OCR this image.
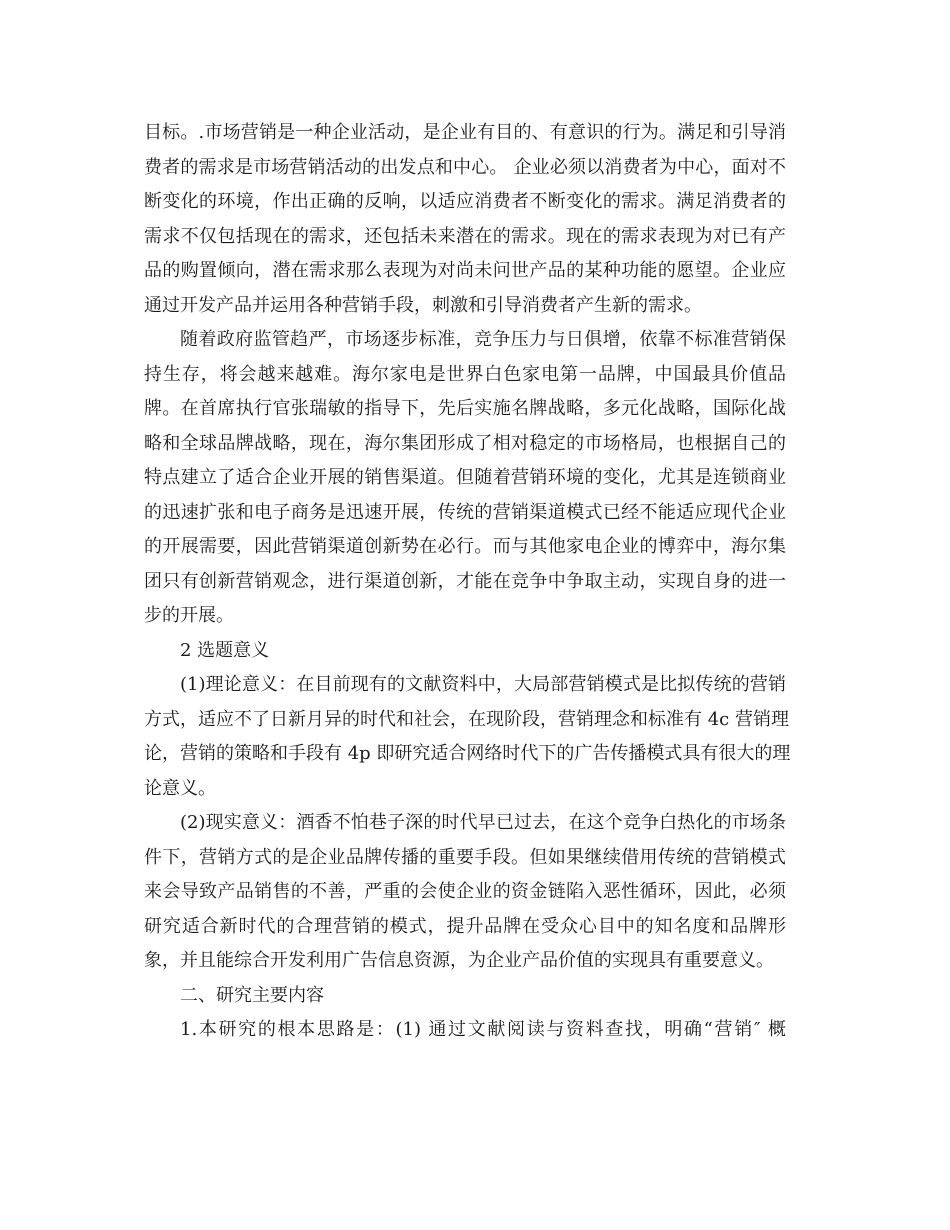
目标。.市场营销是一种企业活动，是企业有目的、有意识的行为。满足和引导消
费者的需求是市场营销活动的出发点和中心。 企业必须以消费者为中心，面对不
断变化的环境，作出正确的反响，以适应消费者不断变化的需求。满足消费者的
需求不仅包括现在的需求，还包括未来潜在的需求。现在的需求表现为对已有产
品的购置倾向，潜在需求那么表现为对尚未问世产品的某种功能的愿望。企业应
通过开发产品并运用各种营销手段，刺激和引导消费者产生新的需求。
随着政府监管趋严，市场逐步标准，竞争压力与日俱增，依靠不标准营销保
持生存，将会越来越难。海尔家电是世界白色家电第一品牌，中国最具价值品
牌。在首席执行官张瑞敏的指导下，先后实施名牌战略，多元化战略，国际化战
略和全球品牌战略，现在，海尔集团形成了相对稳定的市场格局，也根据自己的
特点建立了适合企业开展的销售渠道。但随着营销环境的变化，尤其是连锁商业
的迅速扩张和电子商务是迅速开展，传统的营销渠道模式已经不能适应现代企业
的开展需要，因此营销渠道创新势在必行。而与其他家电企业的博弈中，海尔集
团只有创新营销观念，进行渠道创新，才能在竞争中争取主动，实现自身的进一
步的开展。
2 选题意义
(1)理论意义：在目前现有的文献资料中，大局部营销模式是比拟传统的营销
方式，适应不了日新月异的时代和社会，在现阶段，营销理念和标准有 4c 营销理
论，营销的策略和手段有 4p 即研究适合网络时代下的广告传播模式具有很大的理
论意义。
(2)现实意义：酒香不怕巷子深的时代早已过去，在这个竞争白热化的市场条
件下，营销方式的是企业品牌传播的重要手段。但如果继续借用传统的营销模式
来会导致产品销售的不善，严重的会使企业的资金链陷入恶性循环，因此，必须
研究适合新时代的合理营销的模式，提升品牌在受众心目中的知名度和品牌形
象，并且能综合开发利用广告信息资源，为企业产品价值的实现具有重要意义。
二、研究主要内容
1.本研究的根本思路是：(1) 通过文献阅读与资料查找，明确“营销″ 概
